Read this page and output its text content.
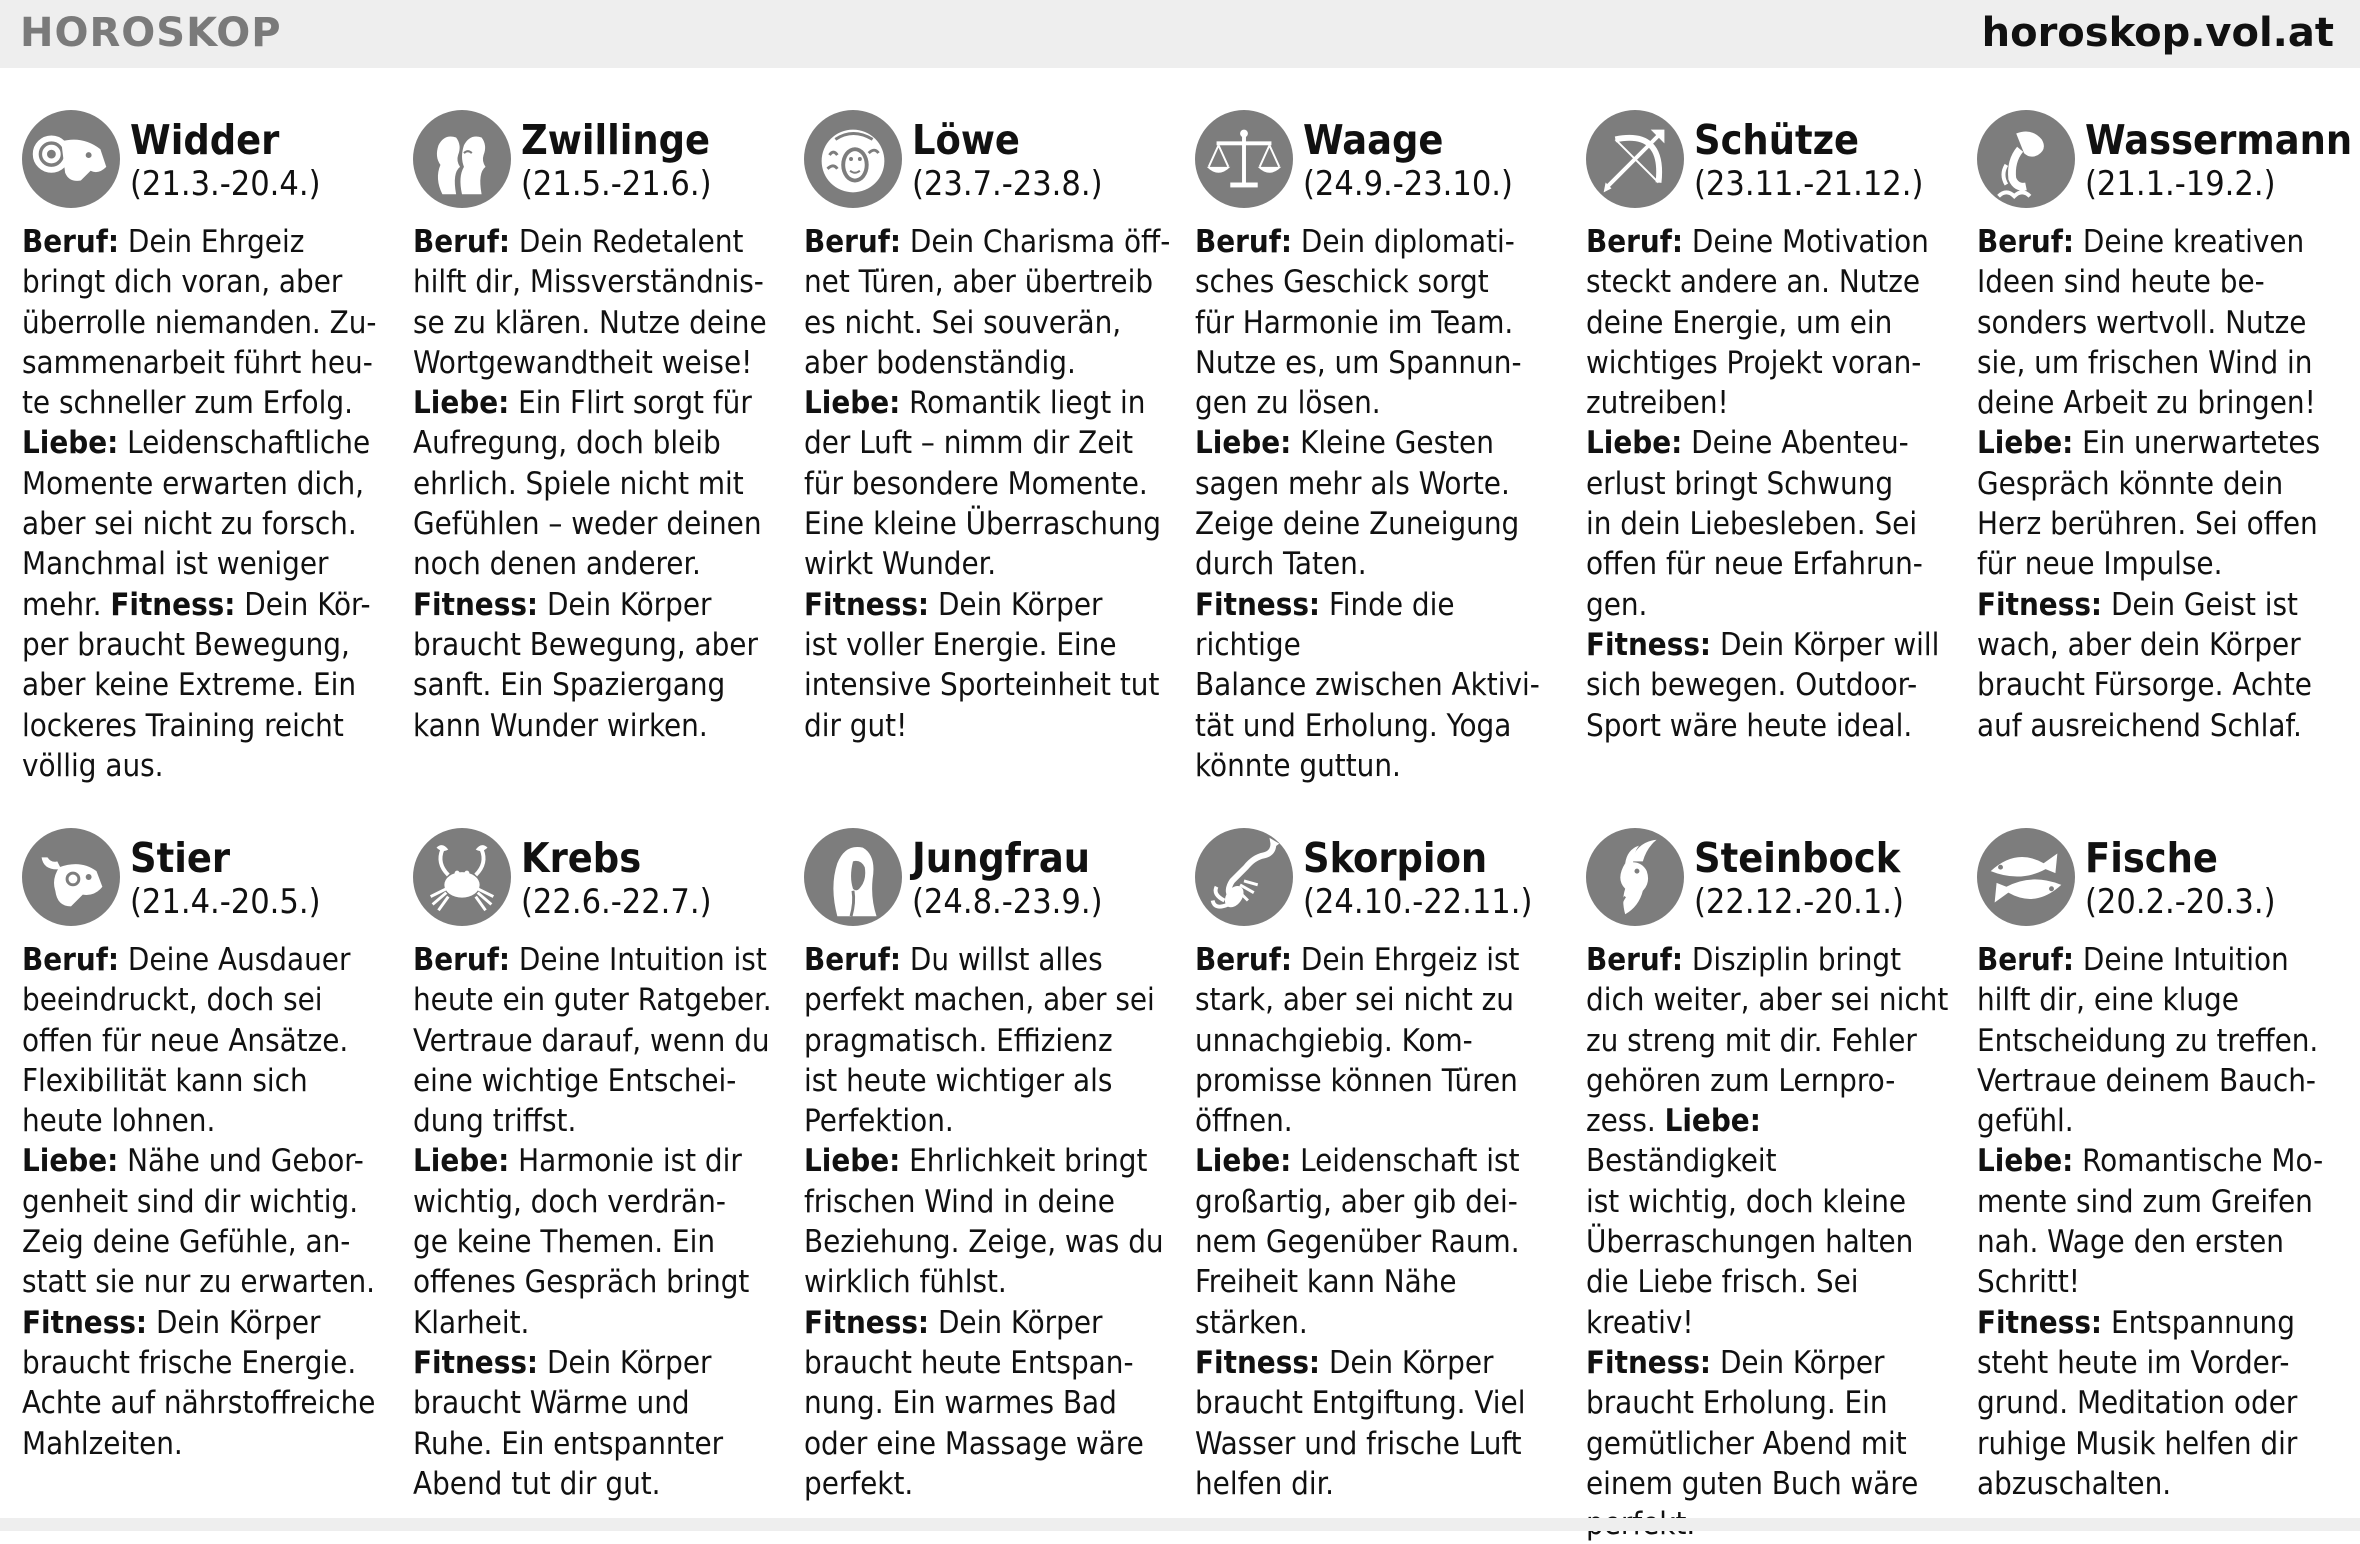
HOROSKOP	horoskop.vol.at
Widder
(21.3.-20.4.)

Beruf: Dein Ehrgeiz

bringt dich voran, aber

überrolle niemanden. Zu-

sammenarbeit führt heu-

te schneller zum Erfolg.

Liebe: Leidenschaftliche

Momente erwarten dich,

aber sei nicht zu forsch.

Manchmal ist weniger

mehr. Fitness: Dein Kör-

per braucht Bewegung,

aber keine Extreme. Ein

lockeres Training reicht

völlig aus.

Zwillinge
(21.5.-21.6.)

Beruf: Dein Redetalent

hilft dir, Missverständnis-

se zu klären. Nutze deine

Wortgewandtheit weise!

Liebe: Ein Flirt sorgt für

Aufregung, doch bleib

ehrlich. Spiele nicht mit

Gefühlen – weder deinen

noch denen anderer.

Fitness: Dein Körper

braucht Bewegung, aber

sanft. Ein Spaziergang

kann Wunder wirken.

Löwe
(23.7.-23.8.)

Beruf: Dein Charisma öff-

net Türen, aber übertreib

es nicht. Sei souverän,

aber bodenständig.

Liebe: Romantik liegt in

der Luft – nimm dir Zeit

für besondere Momente.

Eine kleine Überraschung

wirkt Wunder.

Fitness: Dein Körper

ist voller Energie. Eine

intensive Sporteinheit tut

dir gut!

Waage
(24.9.-23.10.)

Beruf: Dein diplomati-

sches Geschick sorgt

für Harmonie im Team.

Nutze es, um Spannun-

gen zu lösen.

Liebe: Kleine Gesten

sagen mehr als Worte.

Zeige deine Zuneigung

durch Taten.

Fitness: Finde die richtige

Balance zwischen Aktivi-

tät und Erholung. Yoga

könnte guttun.

Schütze
(23.11.-21.12.)

Beruf: Deine Motivation

steckt andere an. Nutze

deine Energie, um ein

wichtiges Projekt voran-

zutreiben!

Liebe: Deine Abenteu-

erlust bringt Schwung

in dein Liebesleben. Sei

offen für neue Erfahrun-

gen.

Fitness: Dein Körper will

sich bewegen. Outdoor-

Sport wäre heute ideal.

Wassermann
(21.1.-19.2.)

Beruf: Deine kreativen

Ideen sind heute be-

sonders wertvoll. Nutze

sie, um frischen Wind in

deine Arbeit zu bringen!

Liebe: Ein unerwartetes

Gespräch könnte dein

Herz berühren. Sei offen

für neue Impulse.

Fitness: Dein Geist ist

wach, aber dein Körper

braucht Fürsorge. Achte

auf ausreichend Schlaf.

Stier
(21.4.-20.5.)

Beruf: Deine Ausdauer

beeindruckt, doch sei

offen für neue Ansätze.

Flexibilität kann sich

heute lohnen.

Liebe: Nähe und Gebor-

genheit sind dir wichtig.

Zeig deine Gefühle, an-

statt sie nur zu erwarten.

Fitness: Dein Körper

braucht frische Energie.

Achte auf nährstoffreiche

Mahlzeiten.

Krebs
(22.6.-22.7.)

Beruf: Deine Intuition ist

heute ein guter Ratgeber.

Vertraue darauf, wenn du

eine wichtige Entschei-

dung triffst.

Liebe: Harmonie ist dir

wichtig, doch verdrän-

ge keine Themen. Ein

offenes Gespräch bringt

Klarheit.

Fitness: Dein Körper

braucht Wärme und

Ruhe. Ein entspannter

Abend tut dir gut.

Jungfrau
(24.8.-23.9.)

Beruf: Du willst alles

perfekt machen, aber sei

pragmatisch. Effizienz

ist heute wichtiger als

Perfektion.

Liebe: Ehrlichkeit bringt

frischen Wind in deine

Beziehung. Zeige, was du

wirklich fühlst.

Fitness: Dein Körper

braucht heute Entspan-

nung. Ein warmes Bad

oder eine Massage wäre

perfekt.

Skorpion
(24.10.-22.11.)

Beruf: Dein Ehrgeiz ist

stark, aber sei nicht zu

unnachgiebig. Kom-

promisse können Türen

öffnen.

Liebe: Leidenschaft ist

großartig, aber gib dei-

nem Gegenüber Raum.

Freiheit kann Nähe

stärken.

Fitness: Dein Körper

braucht Entgiftung. Viel

Wasser und frische Luft

helfen dir.

Steinbock
(22.12.-20.1.)

Beruf: Disziplin bringt

dich weiter, aber sei nicht

zu streng mit dir. Fehler

gehören zum Lernpro-

zess. Liebe: Beständigkeit

ist wichtig, doch kleine

Überraschungen halten

die Liebe frisch. Sei

kreativ!

Fitness: Dein Körper

braucht Erholung. Ein

gemütlicher Abend mit

einem guten Buch wäre

Fische
(20.2.-20.3.)

Beruf: Deine Intuition

hilft dir, eine kluge

Entscheidung zu treffen.

Vertraue deinem Bauch-

gefühl.

Liebe: Romantische Mo-

mente sind zum Greifen

nah. Wage den ersten

Schritt!

Fitness: Entspannung

steht heute im Vorder-

grund. Meditation oder

ruhige Musik helfen dir

abzuschalten.
